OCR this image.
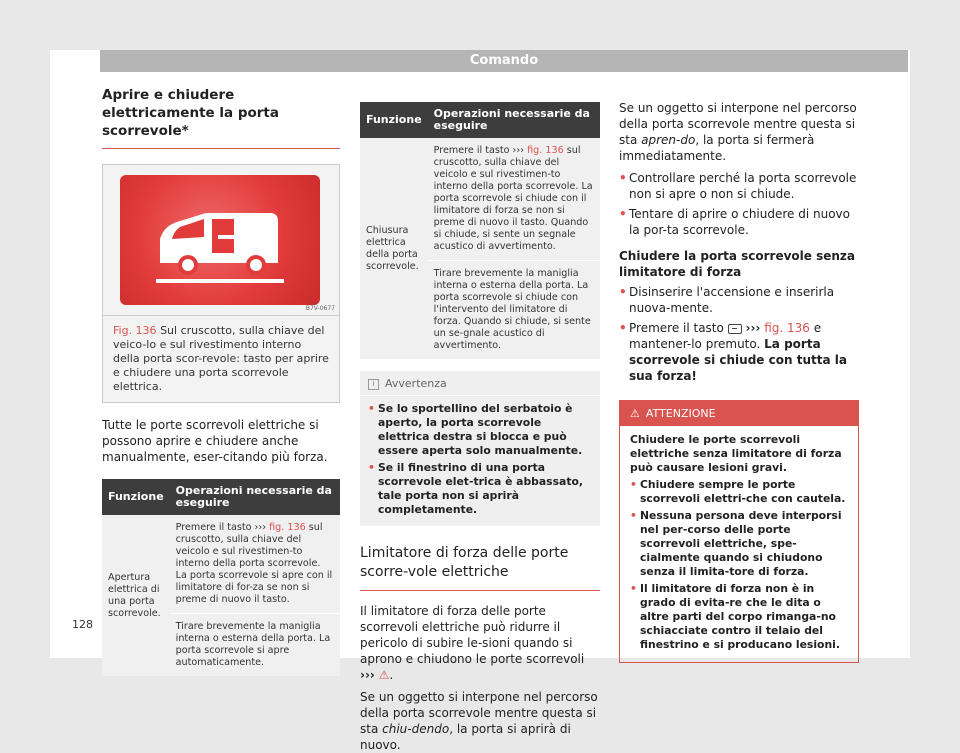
Comando
Aprire e chiudere elettricamente la porta scorrevole*
B7V-0677
Fig. 136 Sul cruscotto, sulla chiave del veico-lo e sul rivestimento interno della porta scor-revole: tasto per aprire e chiudere una porta scorrevole elettrica.

Tutte le porte scorrevoli elettriche si possono aprire e chiudere anche manualmente, eser-citando più forza.

Funzione	Operazioni necessarie da eseguire
Apertura elettrica di una porta scorrevole.	Premere il tasto ››› fig. 136 sul cruscotto, sulla chiave del veicolo e sul rivestimen-to interno della porta scorrevole. La porta scorrevole si apre con il limitatore di for-za se non si preme di nuovo il tasto.
	Tirare brevemente la maniglia interna o esterna della porta. La porta scorrevole si apre automaticamente.
128
Funzione	Operazioni necessarie da eseguire
Chiusura elettrica della porta scorrevole.	Premere il tasto ››› fig. 136 sul cruscotto, sulla chiave del veicolo e sul rivestimen-to interno della porta scorrevole. La porta scorrevole si chiude con il limitatore di forza se non si preme di nuovo il tasto. Quando si chiude, si sente un segnale acustico di avvertimento.
	Tirare brevemente la maniglia interna o esterna della porta. La porta scorrevole si chiude con l'intervento del limitatore di forza. Quando si chiude, si sente un se-gnale acustico di avvertimento.
i Avvertenza
• Se lo sportellino del serbatoio è aperto, la porta scorrevole elettrica destra si blocca e può essere aperta solo manualmente.
• Se il finestrino di una porta scorrevole elet-trica è abbassato, tale porta non si aprirà completamente.
Limitatore di forza delle porte scorre-vole elettriche

Il limitatore di forza delle porte scorrevoli elettriche può ridurre il pericolo di subire le-sioni quando si aprono e chiudono le porte scorrevoli ››› ⚠.

Se un oggetto si interpone nel percorso della porta scorrevole mentre questa si sta chiu-dendo, la porta si aprirà di nuovo.

Se un oggetto si interpone nel percorso della porta scorrevole mentre questa si sta apren-do, la porta si fermerà immediatamente.

• Controllare perché la porta scorrevole non si apre o non si chiude.
• Tentare di aprire o chiudere di nuovo la por-ta scorrevole.

Chiudere la porta scorrevole senza limitatore di forza

• Disinserire l'accensione e inserirla nuova-mente.
• Premere il tasto ››› fig. 136 e mantener-lo premuto. La porta scorrevole si chiude con tutta la sua forza!

⚠ ATTENZIONE
Chiudere le porte scorrevoli elettriche senza limitatore di forza può causare lesioni gravi.
• Chiudere sempre le porte scorrevoli elettri-che con cautela.
• Nessuna persona deve interporsi nel per-corso delle porte scorrevoli elettriche, spe-cialmente quando si chiudono senza il limita-tore di forza.
• Il limitatore di forza non è in grado di evita-re che le dita o altre parti del corpo rimanga-no schiacciate contro il telaio del finestrino e si producano lesioni.
